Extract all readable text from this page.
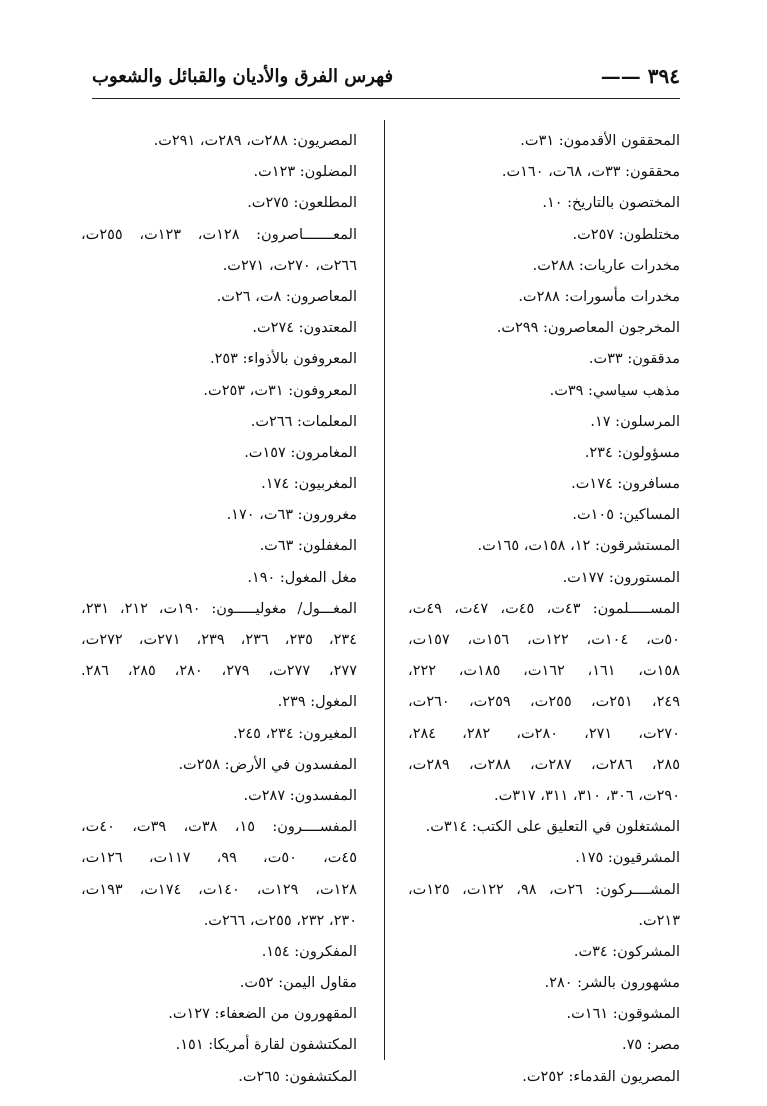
فهرس الفرق والأديان والقبائل والشعوب	٣٩٤ ——
المحققون الأقدمون: ٣١ت.
محققون: ٣٣ت، ٦٨ت، ١٦٠ت.
المختصون بالتاريخ: ١٠.
مختلطون: ٢٥٧ت.
مخدرات عاريات: ٢٨٨ت.
مخدرات مأسورات: ٢٨٨ت.
المخرجون المعاصرون: ٢٩٩ت.
مدققون: ٣٣ت.
مذهب سياسي: ٣٩ت.
المرسلون: ١٧.
مسؤولون: ٢٣٤.
مسافرون: ١٧٤ت.
المساكين: ١٠٥ت.
المستشرقون: ١٢، ١٥٨ت، ١٦٥ت.
المستورون: ١٧٧ت.
المســـــلمون: ٤٣ت، ٤٥ت، ٤٧ت، ٤٩ت،
٥٠ت، ١٠٤ت، ١٢٢ت، ١٥٦ت، ١٥٧ت،
١٥٨ت، ١٦١، ١٦٢ت، ١٨٥ت، ٢٢٢،
٢٤٩، ٢٥١ت، ٢٥٥ت، ٢٥٩ت، ٢٦٠ت،
٢٧٠ت، ٢٧١، ٢٨٠ت، ٢٨٢، ٢٨٤،
٢٨٥، ٢٨٦ت، ٢٨٧ت، ٢٨٨ت، ٢٨٩ت،
٢٩٠ت، ٣٠٦، ٣١٠، ٣١١، ٣١٧ت.
المشتغلون في التعليق على الكتب: ٣١٤ت.
المشرقيون: ١٧٥.
المشــــركون: ٢٦ت، ٩٨، ١٢٢ت، ١٢٥ت،
٢١٣ت.
المشركون: ٣٤ت.
مشهورون بالشر: ٢٨٠.
المشوقون: ١٦١ت.
مصر: ٧٥.
المصريون القدماء: ٢٥٢ت.
المصريون: ٢٨٨ت، ٢٨٩ت، ٢٩١ت.
المضلون: ١٢٣ت.
المطلعون: ٢٧٥ت.
المعـــــــاصرون: ١٢٨ت، ١٢٣ت، ٢٥٥ت،
٢٦٦ت، ٢٧٠ت، ٢٧١ت.
المعاصرون: ٨ت، ٢٦ت.
المعتدون: ٢٧٤ت.
المعروفون بالأذواء: ٢٥٣.
المعروفون: ٣١ت، ٢٥٣ت.
المعلمات: ٢٦٦ت.
المغامرون: ١٥٧ت.
المغربيون: ١٧٤.
مغرورون: ٦٣ت، ١٧٠.
المغفلون: ٦٣ت.
مغل المغول: ١٩٠.
المغـــول/ مغوليـــــون: ١٩٠ت، ٢١٢، ٢٣١،
٢٣٤، ٢٣٥، ٢٣٦، ٢٣٩، ٢٧١ت، ٢٧٢ت،
٢٧٧، ٢٧٧ت، ٢٧٩، ٢٨٠، ٢٨٥، ٢٨٦.
المغول: ٢٣٩.
المغيرون: ٢٣٤، ٢٤٥.
المفسدون في الأرض: ٢٥٨ت.
المفسدون: ٢٨٧ت.
المفســــرون: ١٥، ٣٨ت، ٣٩ت، ٤٠ت،
٤٥ت، ٥٠ت، ٩٩، ١١٧ت، ١٢٦ت،
١٢٨ت، ١٢٩ت، ١٤٠ت، ١٧٤ت، ١٩٣ت،
٢٣٠، ٢٣٢، ٢٥٥ت، ٢٦٦ت.
المفكرون: ١٥٤.
مقاول اليمن: ٥٢ت.
المقهورون من الضعفاء: ١٢٧ت.
المكتشفون لقارة أمريكا: ١٥١.
المكتشفون: ٢٦٥ت.
